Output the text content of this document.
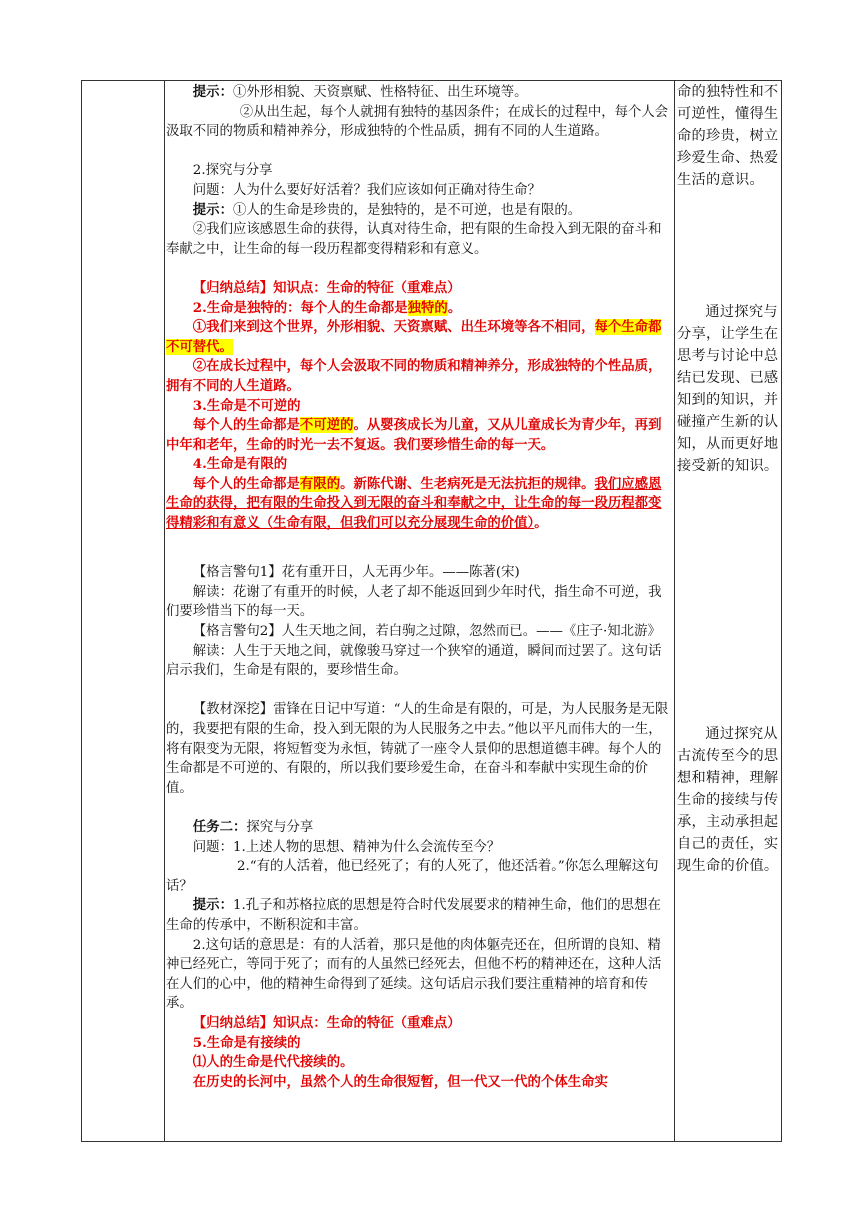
提示：①外形相貌、天资禀赋、性格特征、出生环境等。

②从出生起，每个人就拥有独特的基因条件；在成长的过程中，每个人会汲取不同的物质和精神养分，形成独特的个性品质，拥有不同的人生道路。

2.探究与分享

问题：人为什么要好好活着？我们应该如何正确对待生命？

提示：①人的生命是珍贵的，是独特的，是不可逆，也是有限的。

②我们应该感恩生命的获得，认真对待生命，把有限的生命投入到无限的奋斗和奉献之中，让生命的每一段历程都变得精彩和有意义。

【归纳总结】知识点：生命的特征（重难点）

2.生命是独特的：每个人的生命都是独特的。

①我们来到这个世界，外形相貌、天资禀赋、出生环境等各不相同，每个生命都不可替代。

②在成长过程中，每个人会汲取不同的物质和精神养分，形成独特的个性品质，拥有不同的人生道路。

3.生命是不可逆的

每个人的生命都是不可逆的。从婴孩成长为儿童，又从儿童成长为青少年，再到中年和老年，生命的时光一去不复返。我们要珍惜生命的每一天。

4.生命是有限的

每个人的生命都是有限的。新陈代谢、生老病死是无法抗拒的规律。我们应感恩生命的获得，把有限的生命投入到无限的奋斗和奉献之中，让生命的每一段历程都变得精彩和有意义（生命有限，但我们可以充分展现生命的价值）。

【格言警句1】花有重开日，人无再少年。——陈著(宋)

解读：花谢了有重开的时候，人老了却不能返回到少年时代，指生命不可逆，我们要珍惜当下的每一天。

【格言警句2】人生天地之间，若白驹之过隙，忽然而已。——《庄子·知北游》

解读：人生于天地之间，就像骏马穿过一个狭窄的通道，瞬间而过罢了。这句话启示我们，生命是有限的，要珍惜生命。

【教材深挖】雷锋在日记中写道：“人的生命是有限的，可是，为人民服务是无限的，我要把有限的生命，投入到无限的为人民服务之中去。”他以平凡而伟大的一生，将有限变为无限，将短暂变为永恒，铸就了一座令人景仰的思想道德丰碑。每个人的生命都是不可逆的、有限的，所以我们要珍爱生命，在奋斗和奉献中实现生命的价值。

任务二：探究与分享

问题：1.上述人物的思想、精神为什么会流传至今？

2.“有的人活着，他已经死了；有的人死了，他还活着。”你怎么理解这句话？

提示：1.孔子和苏格拉底的思想是符合时代发展要求的精神生命，他们的思想在生命的传承中，不断积淀和丰富。

2.这句话的意思是：有的人活着，那只是他的肉体躯壳还在，但所谓的良知、精神已经死亡，等同于死了；而有的人虽然已经死去，但他不朽的精神还在，这种人活在人们的心中，他的精神生命得到了延续。这句话启示我们要注重精神的培育和传承。

【归纳总结】知识点：生命的特征（重难点）

5.生命是有接续的

⑴人的生命是代代接续的。

在历史的长河中，虽然个人的生命很短暂，但一代又一代的个体生命实

命的独特性和不可逆性，懂得生命的珍贵，树立珍爱生命、热爱生活的意识。
通过探究与分享，让学生在思考与讨论中总结已发现、已感知到的知识，并碰撞产生新的认知，从而更好地接受新的知识。
通过探究从古流传至今的思想和精神，理解生命的接续与传承，主动承担起自己的责任，实现生命的价值。
